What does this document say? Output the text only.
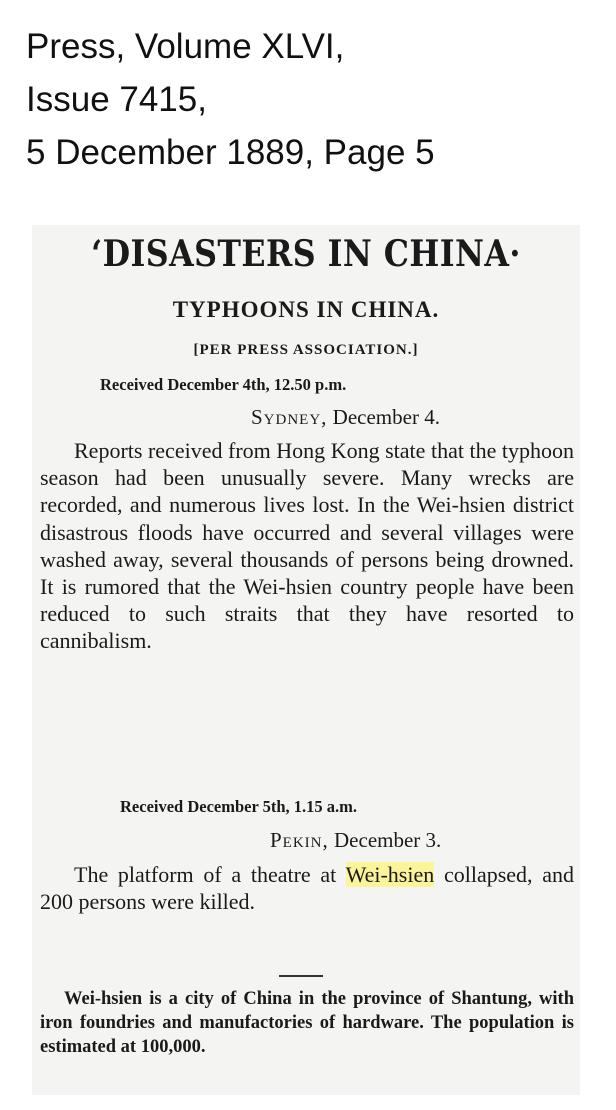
Press, Volume XLVI,
Issue 7415,
5 December 1889, Page 5
‘DISASTERS IN CHINA·
TYPHOONS IN CHINA.
[PER PRESS ASSOCIATION.]
Received December 4th, 12.50 p.m.
Sydney, December 4.
Reports received from Hong Kong state that the typhoon season had been unusually severe. Many wrecks are recorded, and numerous lives lost. In the Wei-hsien district disastrous floods have occurred and several villages were washed away, several thousands of persons being drowned. It is rumored that the Wei-hsien country people have been reduced to such straits that they have resorted to cannibalism.
Received December 5th, 1.15 a.m.
Pekin, December 3.
The platform of a theatre at Wei-hsien collapsed, and 200 persons were killed.
Wei-hsien is a city of China in the province of Shantung, with iron foundries and manufactories of hardware. The population is estimated at 100,000.
